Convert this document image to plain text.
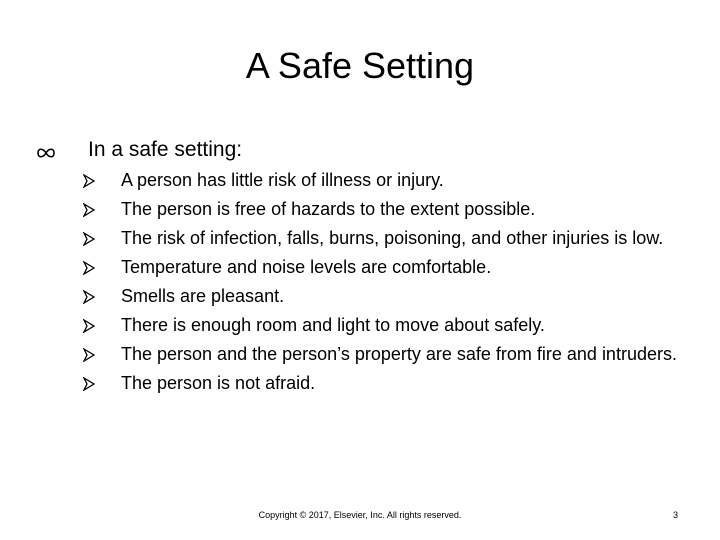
A Safe Setting
In a safe setting:
A person has little risk of illness or injury.
The person is free of hazards to the extent possible.
The risk of infection, falls, burns, poisoning, and other injuries is low.
Temperature and noise levels are comfortable.
Smells are pleasant.
There is enough room and light to move about safely.
The person and the person’s property are safe from fire and intruders.
The person is not afraid.
Copyright © 2017, Elsevier, Inc. All rights reserved.	3
